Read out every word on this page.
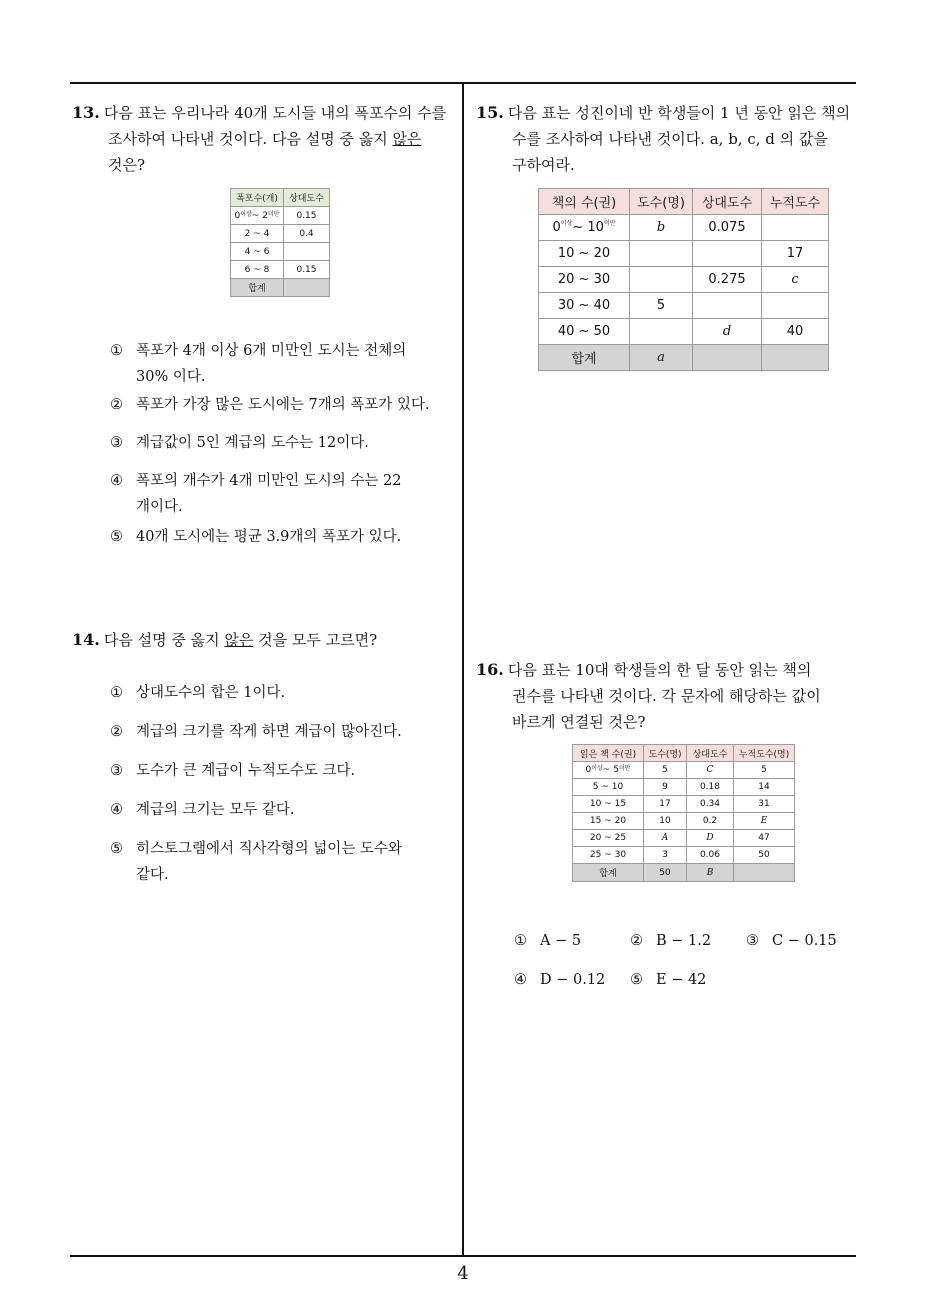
13. 다음 표는 우리나라 40개 도시들 내의 폭포수의 수를
조사하여 나타낸 것이다. 다음 설명 중 옳지 않은
것은?
폭포수(개)	상대도수
$0^{이상}\sim$ $2^{미만}$	0.15
2 ~ 4	0.4
4 ~ 6	
6 ~ 8	0.15
합계	
① 폭포가 4개 이상 6개 미만인 도시는 전체의
30% 이다.
② 폭포가 가장 많은 도시에는 7개의 폭포가 있다.
③ 계급값이 5인 계급의 도수는 12이다.
④ 폭포의 개수가 4개 미만인 도시의 수는 22
개이다.
⑤ 40개 도시에는 평균 3.9개의 폭포가 있다.
14. 다음 설명 중 옳지 않은 것을 모두 고르면?
① 상대도수의 합은 1이다.
② 계급의 크기를 작게 하면 계급이 많아진다.
③ 도수가 큰 계급이 누적도수도 크다.
④ 계급의 크기는 모두 같다.
⑤ 히스토그램에서 직사각형의 넓이는 도수와
같다.
15. 다음 표는 성진이네 반 학생들이 1 년 동안 읽은 책의
수를 조사하여 나타낸 것이다. a, b, c, d 의 값을
구하여라.
책의 수(권)	도수(명)	상대도수	누적도수
$0^{이상}\sim$ $10^{미만}$	b	0.075	
10 ~ 20			17
20 ~ 30		0.275	c
30 ~ 40	5		
40 ~ 50		d	40
합계	a		
16. 다음 표는 10대 학생들의 한 달 동안 읽는 책의
권수를 나타낸 것이다. 각 문자에 해당하는 값이
바르게 연결된 것은?
읽은 책 수(권)	도수(명)	상대도수	누적도수(명)
$0^{이상}\sim$ $5^{미만}$	5	C	5
5 ~ 10	9	0.18	14
10 ~ 15	17	0.34	31
15 ~ 20	10	0.2	E
20 ~ 25	A	D	47
25 ~ 30	3	0.06	50
합계	50	B	
① A − 5	② B − 1.2 ③ C − 0.15
④ D − 0.12 ⑤ E − 42
4
